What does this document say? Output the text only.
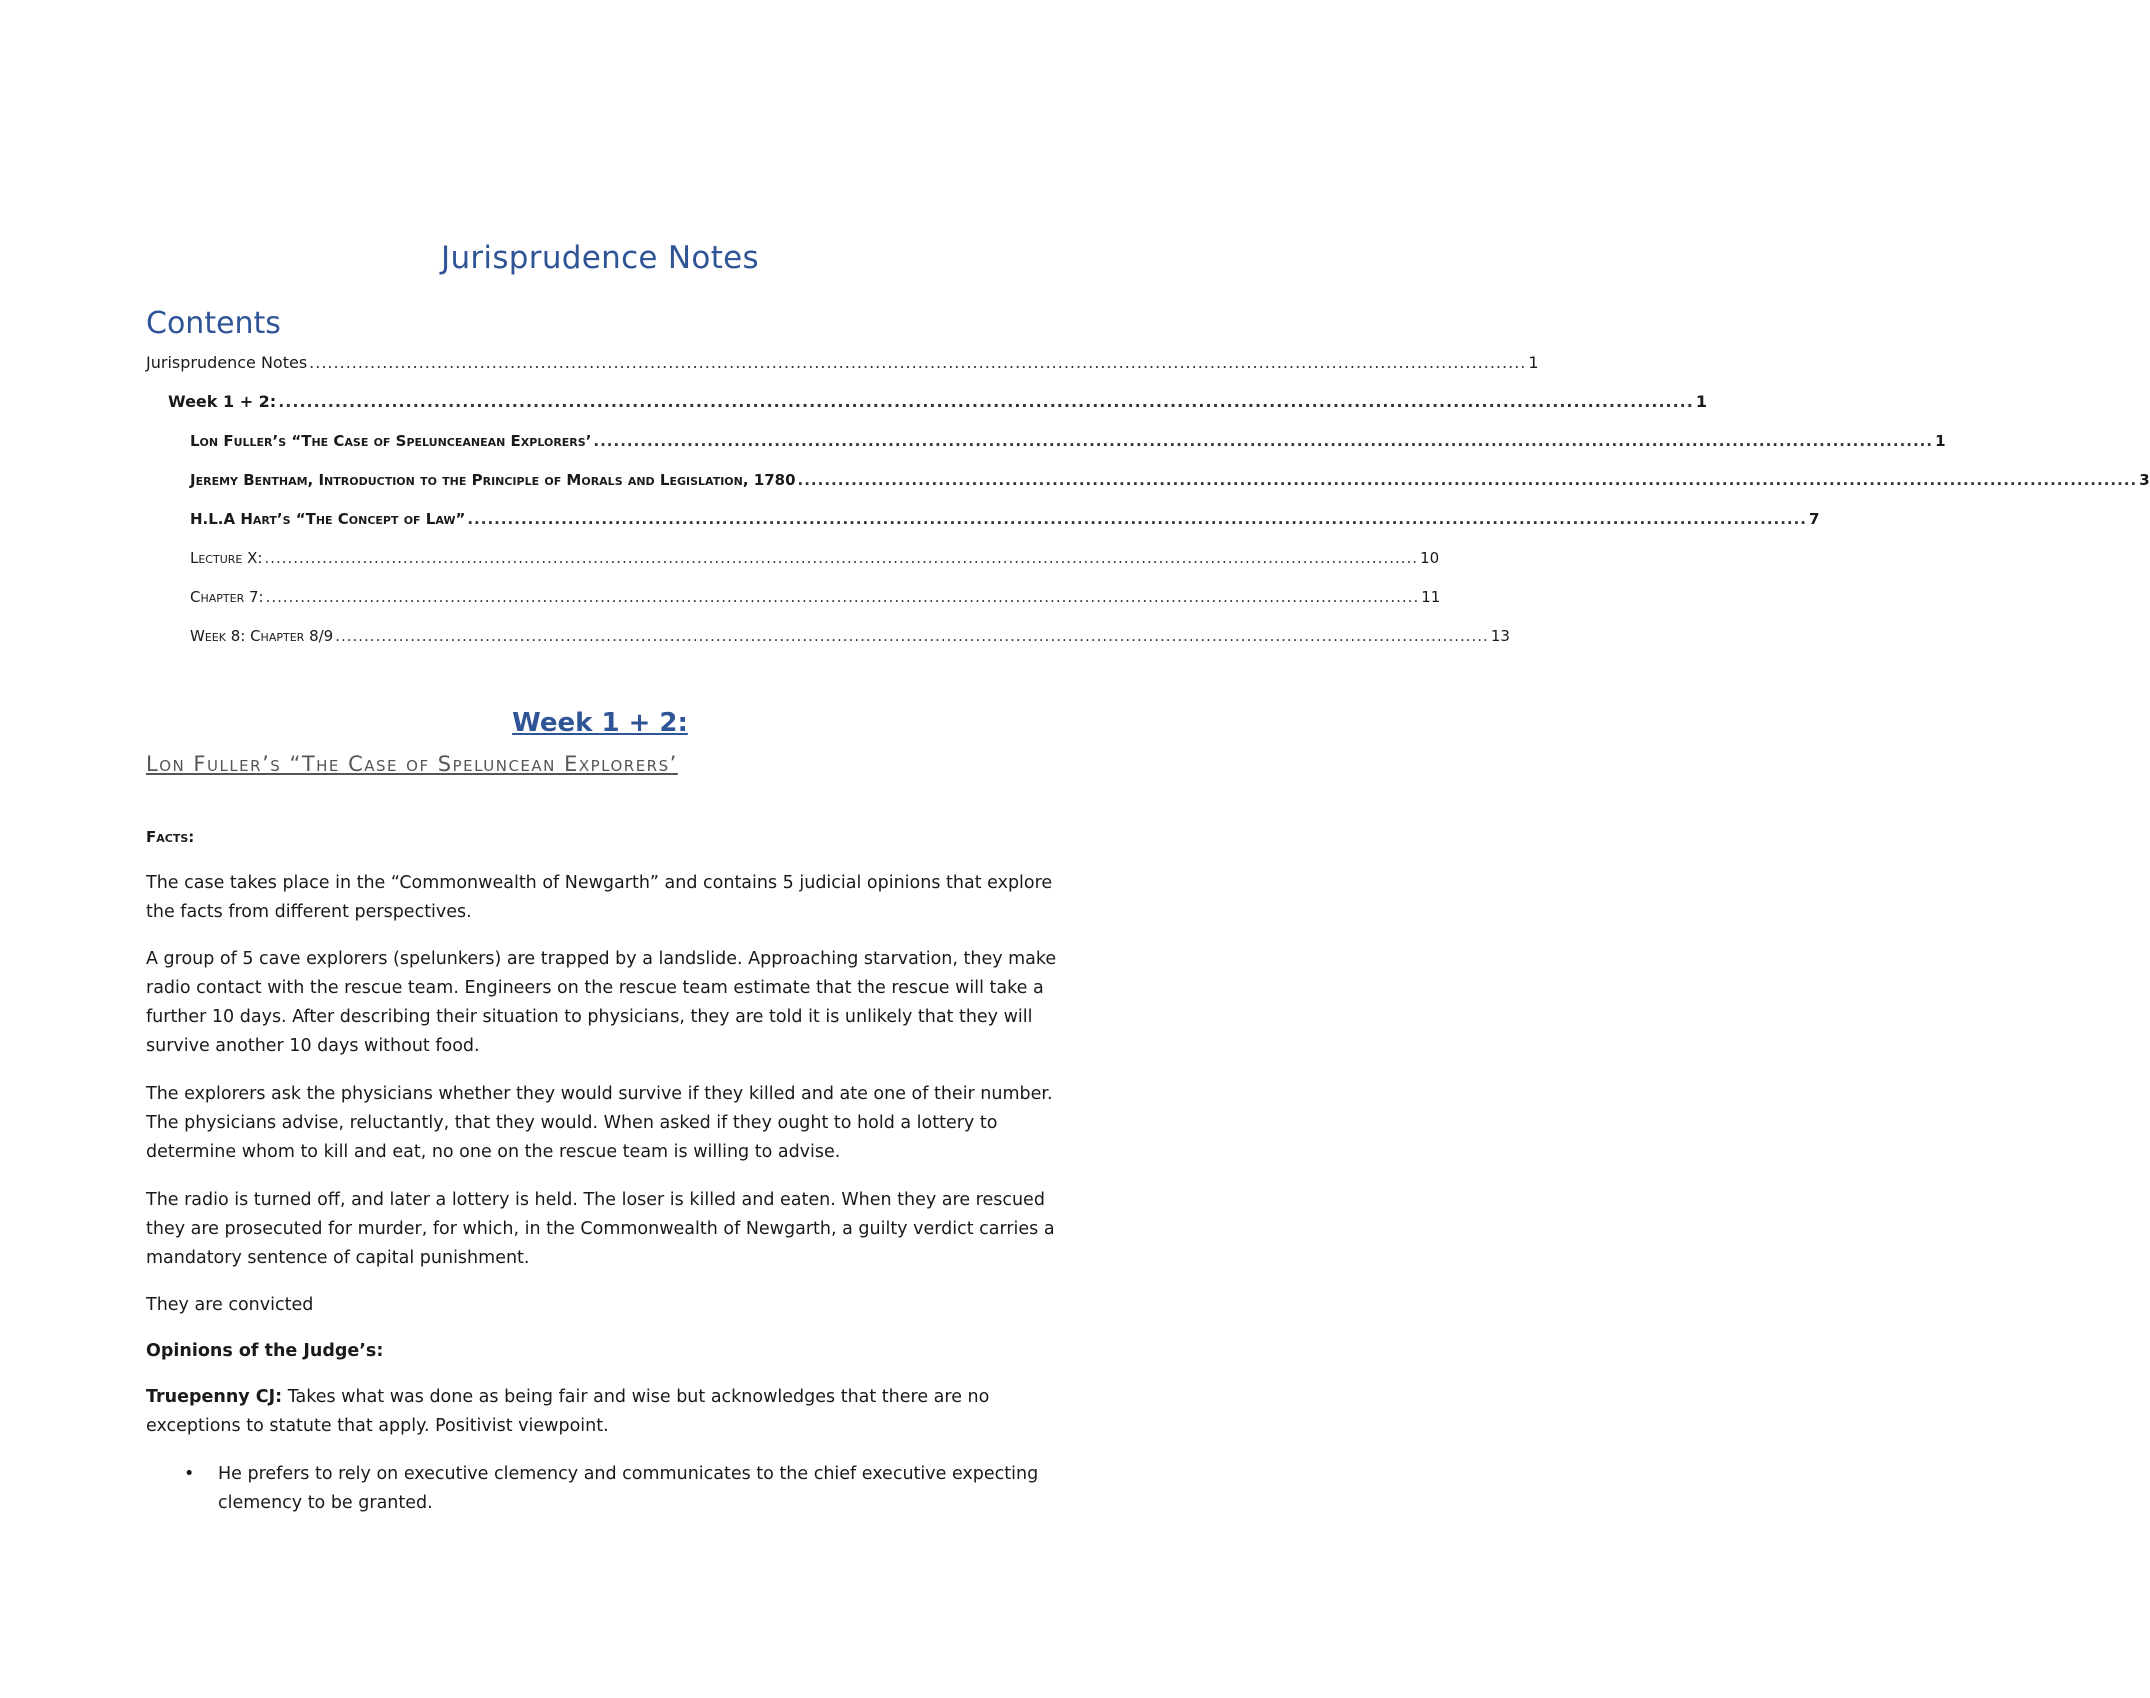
Jurisprudence Notes
Contents
Jurisprudence Notes ........................................................................................................................................................................................................ 1
Week 1 + 2: ........................................................................................................................................................................................................ 1
Lon Fuller’s “The Case of Spelunceanean Explorers’ ........................................................................................................................................................................................................ 1
Jeremy Bentham, Introduction to the Principle of Morals and Legislation, 1780 ........................................................................................................................................................................................................ 3
H.L.A Hart’s “The Concept of Law” ........................................................................................................................................................................................................ 7
Lecture X: ........................................................................................................................................................................................................ 10
Chapter 7: ........................................................................................................................................................................................................ 11
Week 8: Chapter 8/9 ........................................................................................................................................................................................................ 13
Week 1 + 2:
Lon Fuller’s “The Case of Speluncean Explorers’
Facts:

The case takes place in the “Commonwealth of Newgarth” and contains 5 judicial opinions that explore the facts from different perspectives.

A group of 5 cave explorers (spelunkers) are trapped by a landslide. Approaching starvation, they make radio contact with the rescue team. Engineers on the rescue team estimate that the rescue will take a further 10 days. After describing their situation to physicians, they are told it is unlikely that they will survive another 10 days without food.

The explorers ask the physicians whether they would survive if they killed and ate one of their number. The physicians advise, reluctantly, that they would. When asked if they ought to hold a lottery to determine whom to kill and eat, no one on the rescue team is willing to advise.

The radio is turned off, and later a lottery is held. The loser is killed and eaten. When they are rescued they are prosecuted for murder, for which, in the Commonwealth of Newgarth, a guilty verdict carries a mandatory sentence of capital punishment.

They are convicted

Opinions of the Judge’s:

Truepenny CJ: Takes what was done as being fair and wise but acknowledges that there are no exceptions to statute that apply. Positivist viewpoint.

• He prefers to rely on executive clemency and communicates to the chief executive expecting clemency to be granted.
